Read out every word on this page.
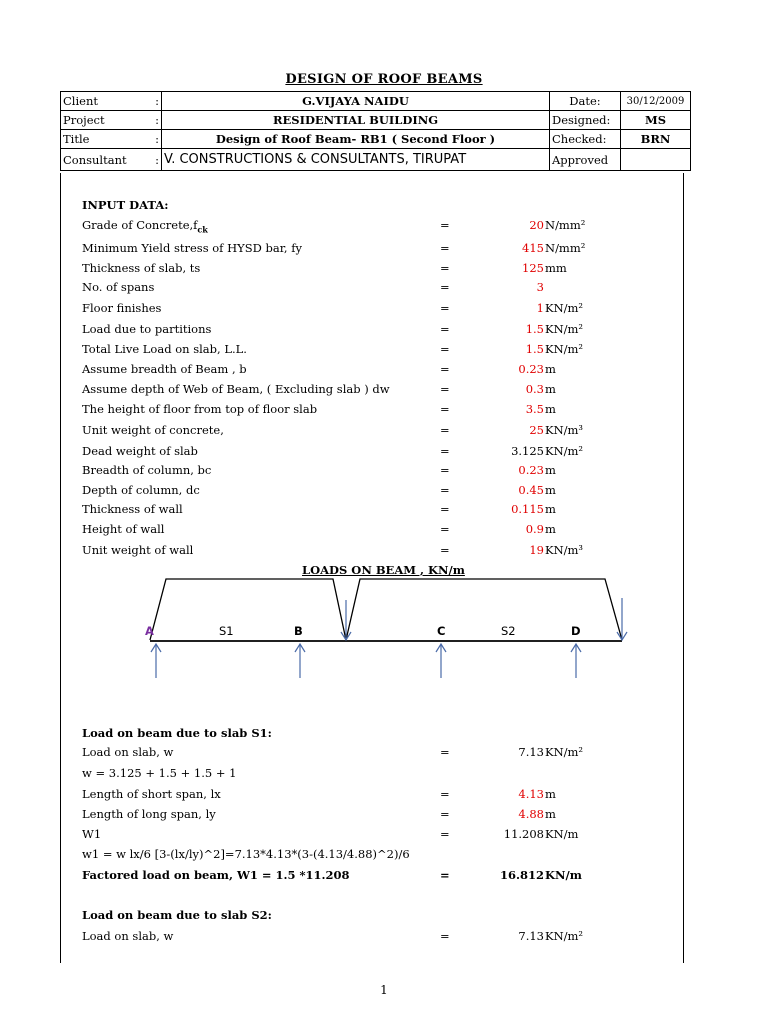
DESIGN OF ROOF BEAMS
Client	:	G.VIJAYA NAIDU	Date:	30/12/2009
Project	:	RESIDENTIAL BUILDING	Designed:	MS
Title	:	Design of Roof Beam- RB1 ( Second Floor )	Checked:	BRN
Consultant	:	V. CONSTRUCTIONS & CONSULTANTS, TIRUPAT	Approved	
INPUT DATA:
Grade of $Concrete,f_{ck}$	=	20 N/mm²
Minimum Yield stress of HYSD bar, fy	=	415 N/mm²
Thickness of slab, ts	=	125 mm
No. of spans	=	3
Floor finishes	=	1 KN/m²
Load due to partitions	=	1.5 KN/m²
Total Live Load on slab, L.L.	=	1.5 KN/m²
Assume breadth of Beam , b	=	0.23 m
Assume depth of Web of Beam, ( Excluding slab ) dw	=	0.3 m
The height of floor from top of floor slab	=	3.5 m
Unit weight of concrete,	=	25 KN/m³
Dead weight of slab	=	3.125 KN/m²
Breadth of column, bc	=	0.23 m
Depth of column, dc	=	0.45 m
Thickness of wall	=	0.115 m
Height of wall	=	0.9 m
Unit weight of wall	=	19 KN/m³
LOADS ON BEAM , KN/m
A	S1	B	C	S2	D
Load on beam due to slab S1:
Load on slab, w	=	7.13 KN/m²
w = 3.125 + 1.5 + 1.5 + 1
Length of short span, lx	=	4.13 m
Length of long span, ly	=	4.88 m
W1	=	11.208 KN/m
w1 = w lx/6 [3-(lx/ly)^2]=7.13*4.13*(3-(4.13/4.88)^2)/6
Factored load on beam, W1 = 1.5 *11.208	=	16.812 KN/m
Load on beam due to slab S2:
Load on slab, w	=	7.13 KN/m²
1
